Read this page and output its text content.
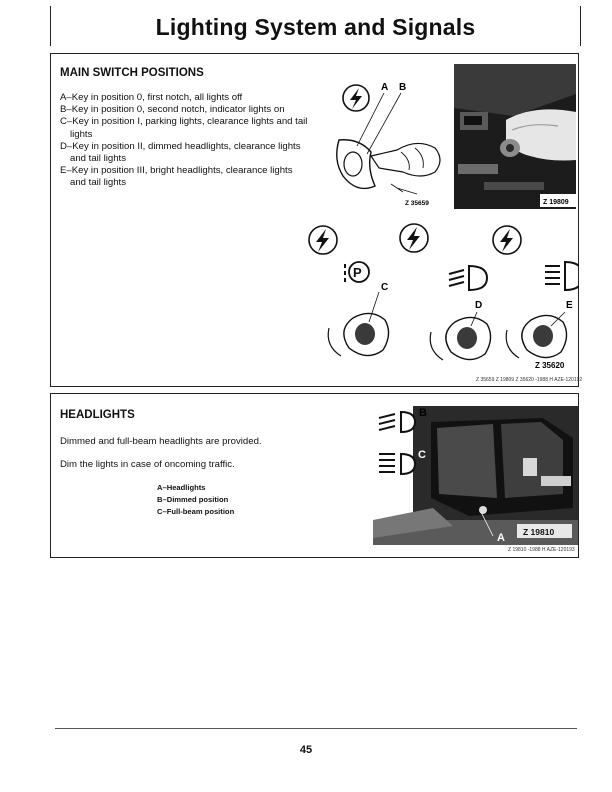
Lighting System and Signals
MAIN SWITCH POSITIONS

A–Key in position 0, first notch, all lights off

B–Key in position 0, second notch, indicator lights on

C–Key in position I, parking lights, clearance lights and tail

lights

D–Key in position II, dimmed headlights, clearance lights

and tail lights

E–Key in position III, bright headlights, clearance lights

and tail lights

A B
Z 35659	Z 19809
P
C
D	E
Z 35620
Z 35659 Z 19809 Z 35620 -1988 H AZE-120192
HEADLIGHTS
Dimmed and full-beam headlights are provided.
Dim the lights in case of oncoming traffic.
A–Headlights
B–Dimmed position
C–Full-beam position
Z 19810
A
B
C
Z 19810 -1988 H AZE-120193
45
